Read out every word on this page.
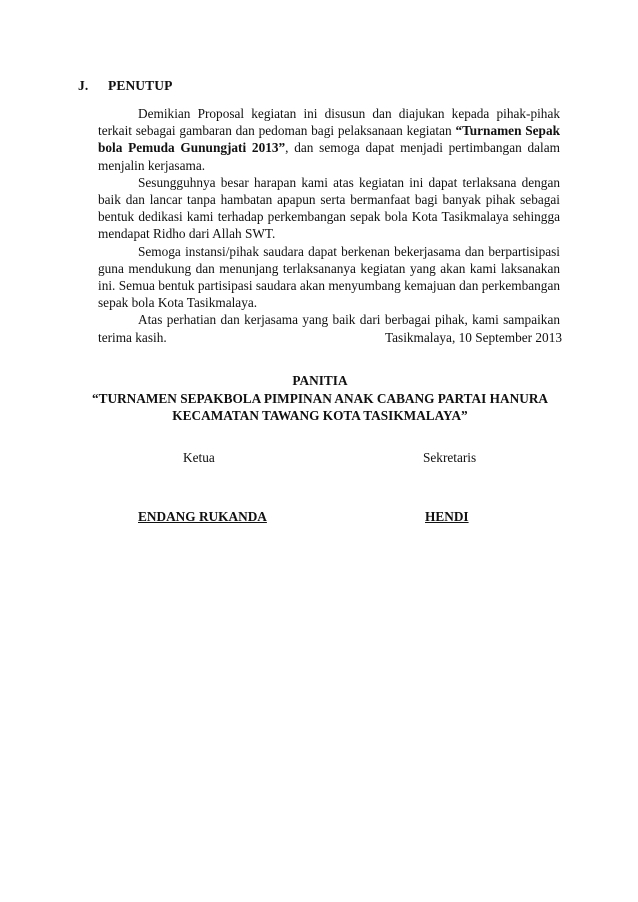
J. PENUTUP

Demikian Proposal kegiatan ini disusun dan diajukan kepada pihak-pihak terkait sebagai gambaran dan pedoman bagi pelaksanaan kegiatan “Turnamen Sepak bola Pemuda Gunungjati 2013”, dan semoga dapat menjadi pertimbangan dalam menjalin kerjasama.

Sesungguhnya besar harapan kami atas kegiatan ini dapat terlaksana dengan baik dan lancar tanpa hambatan apapun serta bermanfaat bagi banyak pihak sebagai bentuk dedikasi kami terhadap perkembangan sepak bola Kota Tasikmalaya sehingga mendapat Ridho dari Allah SWT.

Semoga instansi/pihak saudara dapat berkenan bekerjasama dan berpartisipasi guna mendukung dan menunjang terlaksananya kegiatan yang akan kami laksanakan ini. Semua bentuk partisipasi saudara akan menyumbang kemajuan dan perkembangan sepak bola Kota Tasikmalaya.

Atas perhatian dan kerjasama yang baik dari berbagai pihak, kami sampaikan terima kasih.	Tasikmalaya, 10 September 2013
PANITIA
“TURNAMEN SEPAKBOLA PIMPINAN ANAK CABANG PARTAI HANURA
KECAMATAN TAWANG KOTA TASIKMALAYA”
Ketua	Sekretaris
ENDANG RUKANDA	HENDI
